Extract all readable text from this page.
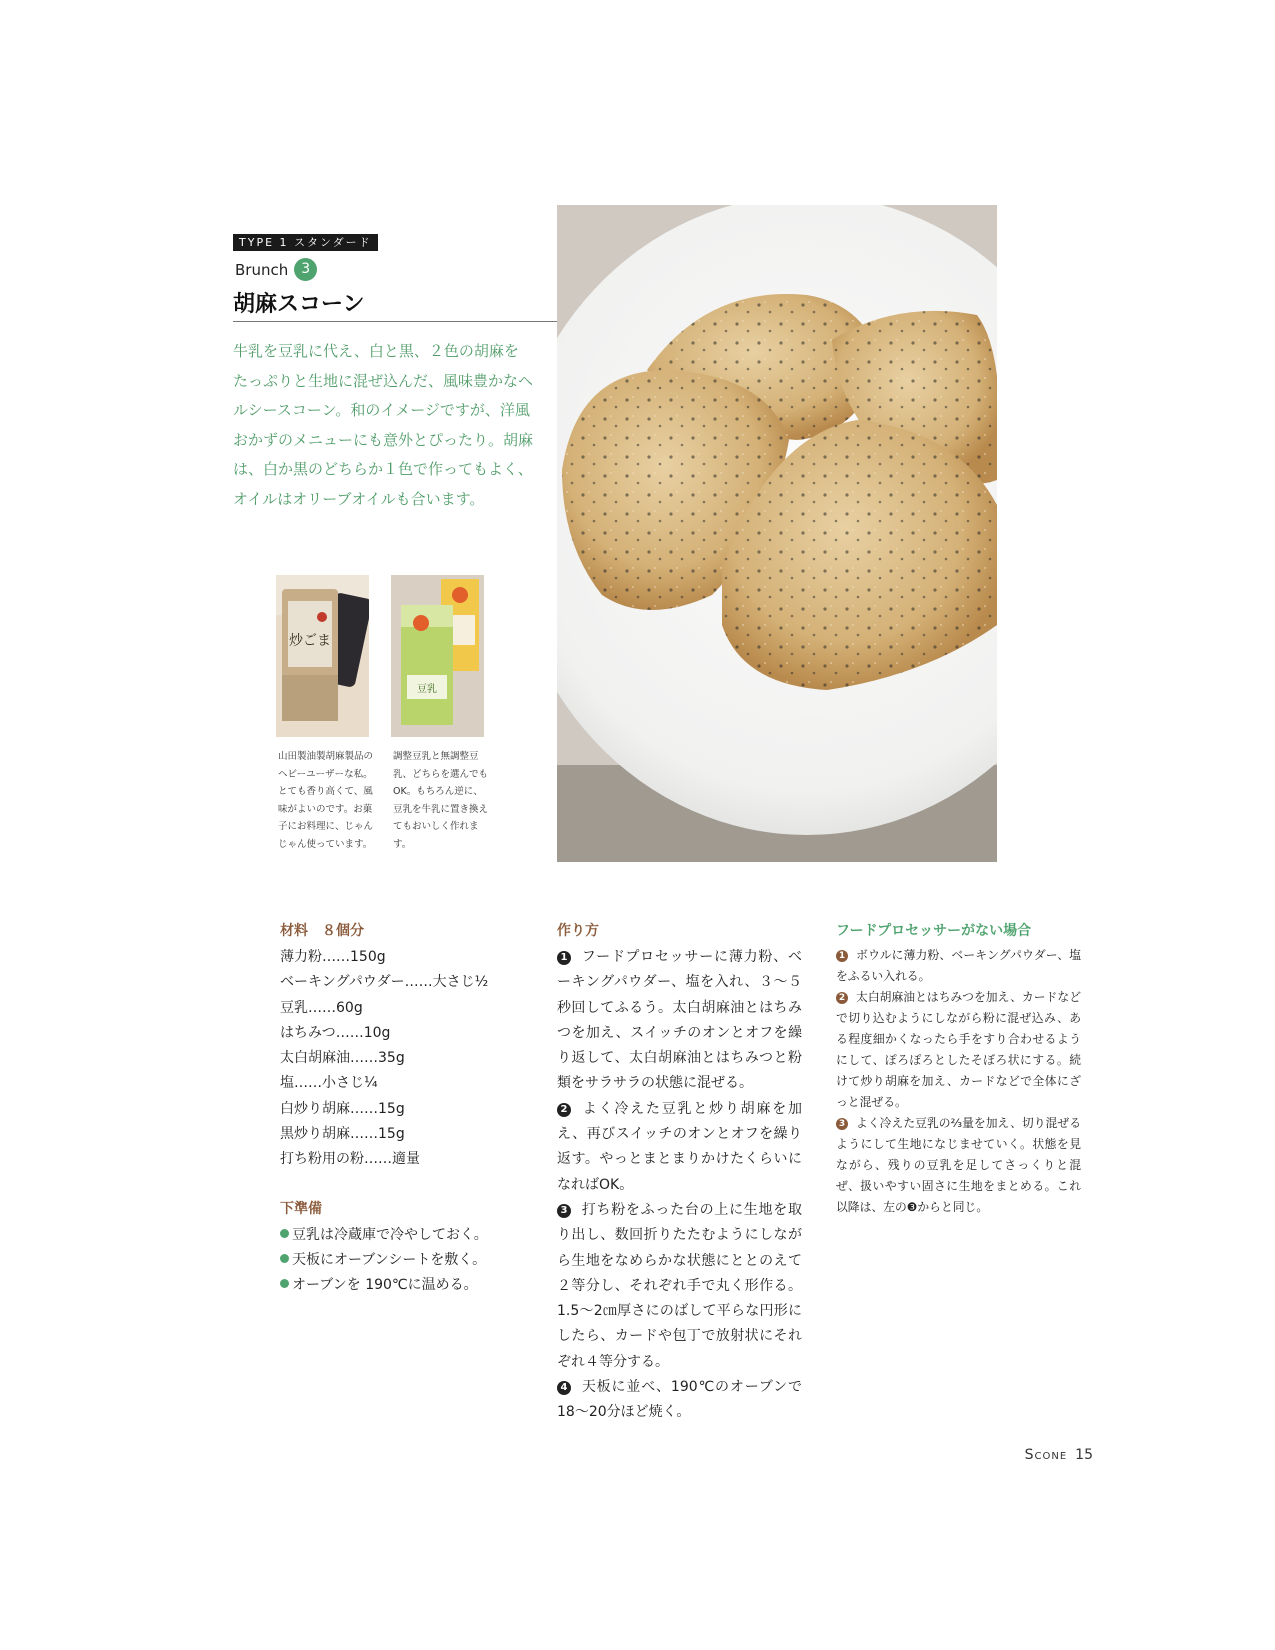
TYPE 1 スタンダード
Brunch 3
胡麻スコーン
牛乳を豆乳に代え、白と黒、２色の胡麻をたっぷりと生地に混ぜ込んだ、風味豊かなヘルシースコーン。和のイメージですが、洋風おかずのメニューにも意外とぴったり。胡麻は、白か黒のどちらか１色で作ってもよく、オイルはオリーブオイルも合います。
炒ごま
豆乳
山田製油製胡麻製品のヘビーユーザーな私。とても香り高くて、風味がよいのです。お菓子にお料理に、じゃんじゃん使っています。
調整豆乳と無調整豆乳、どちらを選んでもOK。もちろん逆に、豆乳を牛乳に置き換えてもおいしく作れます。
材料　８個分
薄力粉……150g
ベーキングパウダー……大さじ½
豆乳……60g
はちみつ……10g
太白胡麻油……35g
塩……小さじ¼
白炒り胡麻……15g
黒炒り胡麻……15g
打ち粉用の粉……適量
下準備
豆乳は冷蔵庫で冷やしておく。
天板にオーブンシートを敷く。
オーブンを 190℃に温める。
作り方
1 フードプロセッサーに薄力粉、ベーキングパウダー、塩を入れ、３〜５秒回してふるう。太白胡麻油とはちみつを加え、スイッチのオンとオフを繰り返して、太白胡麻油とはちみつと粉類をサラサラの状態に混ぜる。
2 よく冷えた豆乳と炒り胡麻を加え、再びスイッチのオンとオフを繰り返す。やっとまとまりかけたくらいになればOK。
3 打ち粉をふった台の上に生地を取り出し、数回折りたたむようにしながら生地をなめらかな状態にととのえて２等分し、それぞれ手で丸く形作る。1.5〜2㎝厚さにのばして平らな円形にしたら、カードや包丁で放射状にそれぞれ４等分する。
4 天板に並べ、190℃のオーブンで18〜20分ほど焼く。
フードプロセッサーがない場合
1 ボウルに薄力粉、ベーキングパウダー、塩をふるい入れる。
2 太白胡麻油とはちみつを加え、カードなどで切り込むようにしながら粉に混ぜ込み、ある程度細かくなったら手をすり合わせるようにして、ぽろぽろとしたそぼろ状にする。続けて炒り胡麻を加え、カードなどで全体にざっと混ぜる。
3 よく冷えた豆乳の⅔量を加え、切り混ぜるようにして生地になじませていく。状態を見ながら、残りの豆乳を足してさっくりと混ぜ、扱いやすい固さに生地をまとめる。これ以降は、左の❸からと同じ。
Scone 15
